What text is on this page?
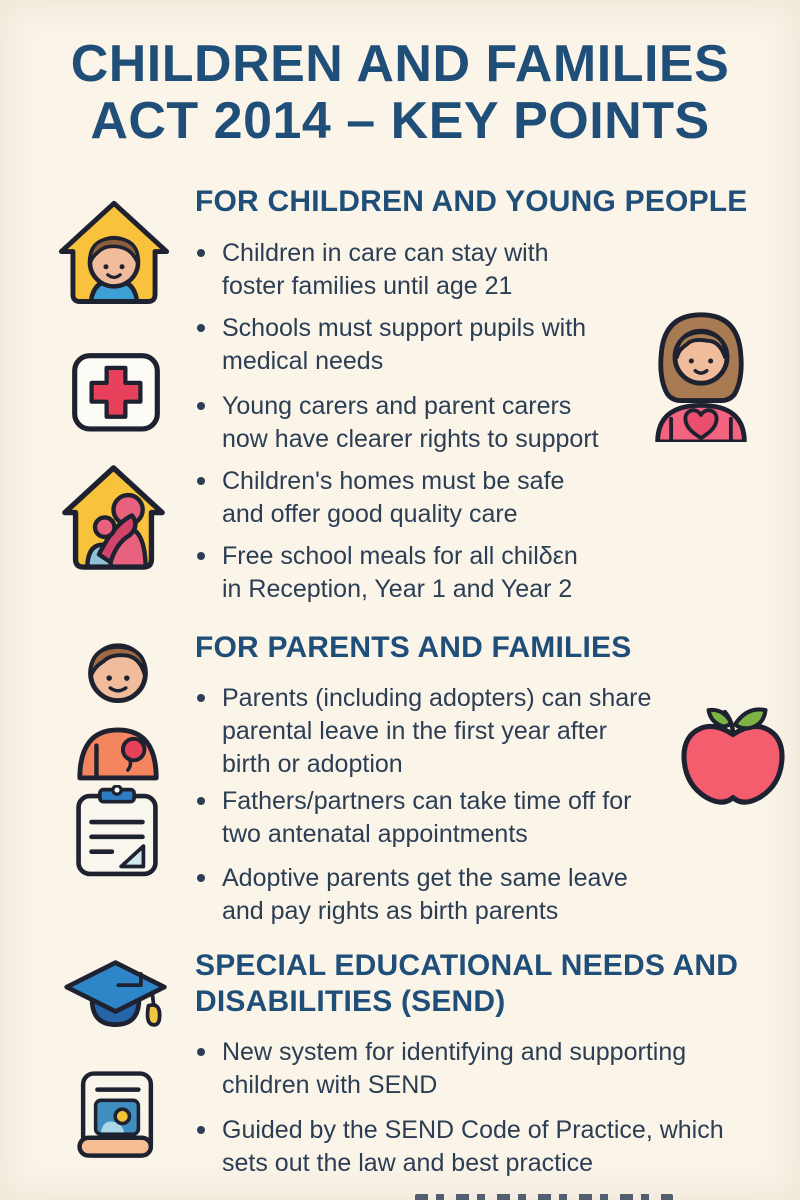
CHILDREN AND FAMILIES
ACT 2014 – KEY POINTS
FOR CHILDREN AND YOUNG PEOPLE
Children in care can stay with
foster families until age 21
Schools must support pupils with
medical needs
Young carers and parent carers
now have clearer rights to support
Children's homes must be safe
and offer good quality care
Free school meals for all chilδεn
in Reception, Year 1 and Year 2
FOR PARENTS AND FAMILIES
Parents (including adopters) can share
parental leave in the first year after
birth or adoption
Fathers/partners can take time off for
two antenatal appointments
Adoptive parents get the same leave
and pay rights as birth parents
SPECIAL EDUCATIONAL NEEDS AND
DISABILITIES (SEND)
New system for identifying and supporting
children with SEND
Guided by the SEND Code of Practice, which
sets out the law and best practice
